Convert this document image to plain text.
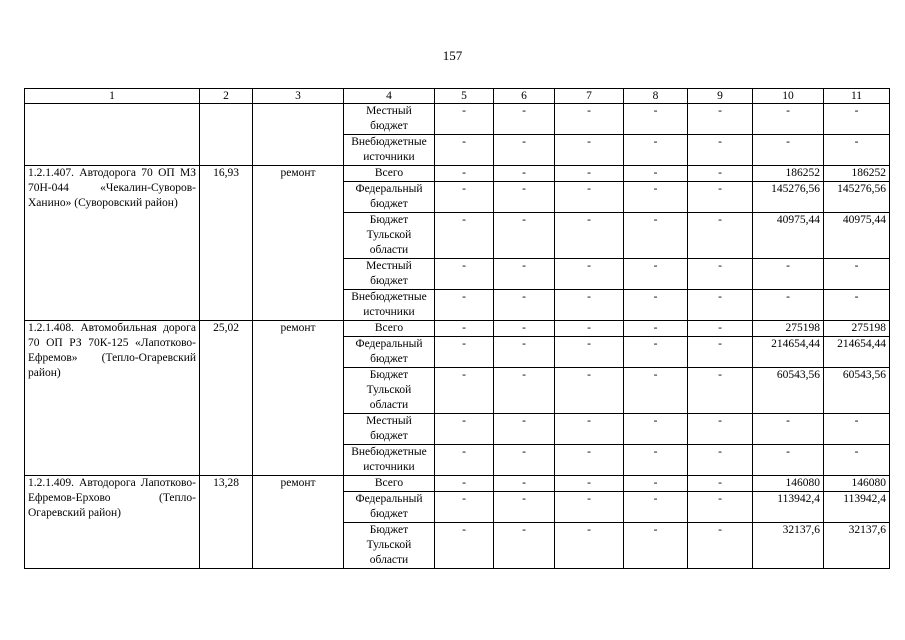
157
1	2	3	4	5	6	7	8	9	10	11
			Местный бюджет	-	-	-	-	-	-	-
			Внебюджетные источники	-	-	-	-	-	-	-
1.2.1.407. Автодорога 70 ОП МЗ 70Н-044 «Чекалин-Суворов-Ханино» (Суворовский район)	16,93	ремонт	Всего	-	-	-	-	-	186252	186252
			Федеральный бюджет	-	-	-	-	-	145276,56	145276,56
			Бюджет Тульской области	-	-	-	-	-	40975,44	40975,44
			Местный бюджет	-	-	-	-	-	-	-
			Внебюджетные источники	-	-	-	-	-	-	-
1.2.1.408. Автомобильная дорога 70 ОП РЗ 70К-125 «Лапотково-Ефремов» (Тепло-Огаревский район)	25,02	ремонт	Всего	-	-	-	-	-	275198	275198
			Федеральный бюджет	-	-	-	-	-	214654,44	214654,44
			Бюджет Тульской области	-	-	-	-	-	60543,56	60543,56
			Местный бюджет	-	-	-	-	-	-	-
			Внебюджетные источники	-	-	-	-	-	-	-
1.2.1.409. Автодорога Лапотково-Ефремов-Ерхово (Тепло-Огаревский район)	13,28	ремонт	Всего	-	-	-	-	-	146080	146080
			Федеральный бюджет	-	-	-	-	-	113942,4	113942,4
			Бюджет Тульской области	-	-	-	-	-	32137,6	32137,6
